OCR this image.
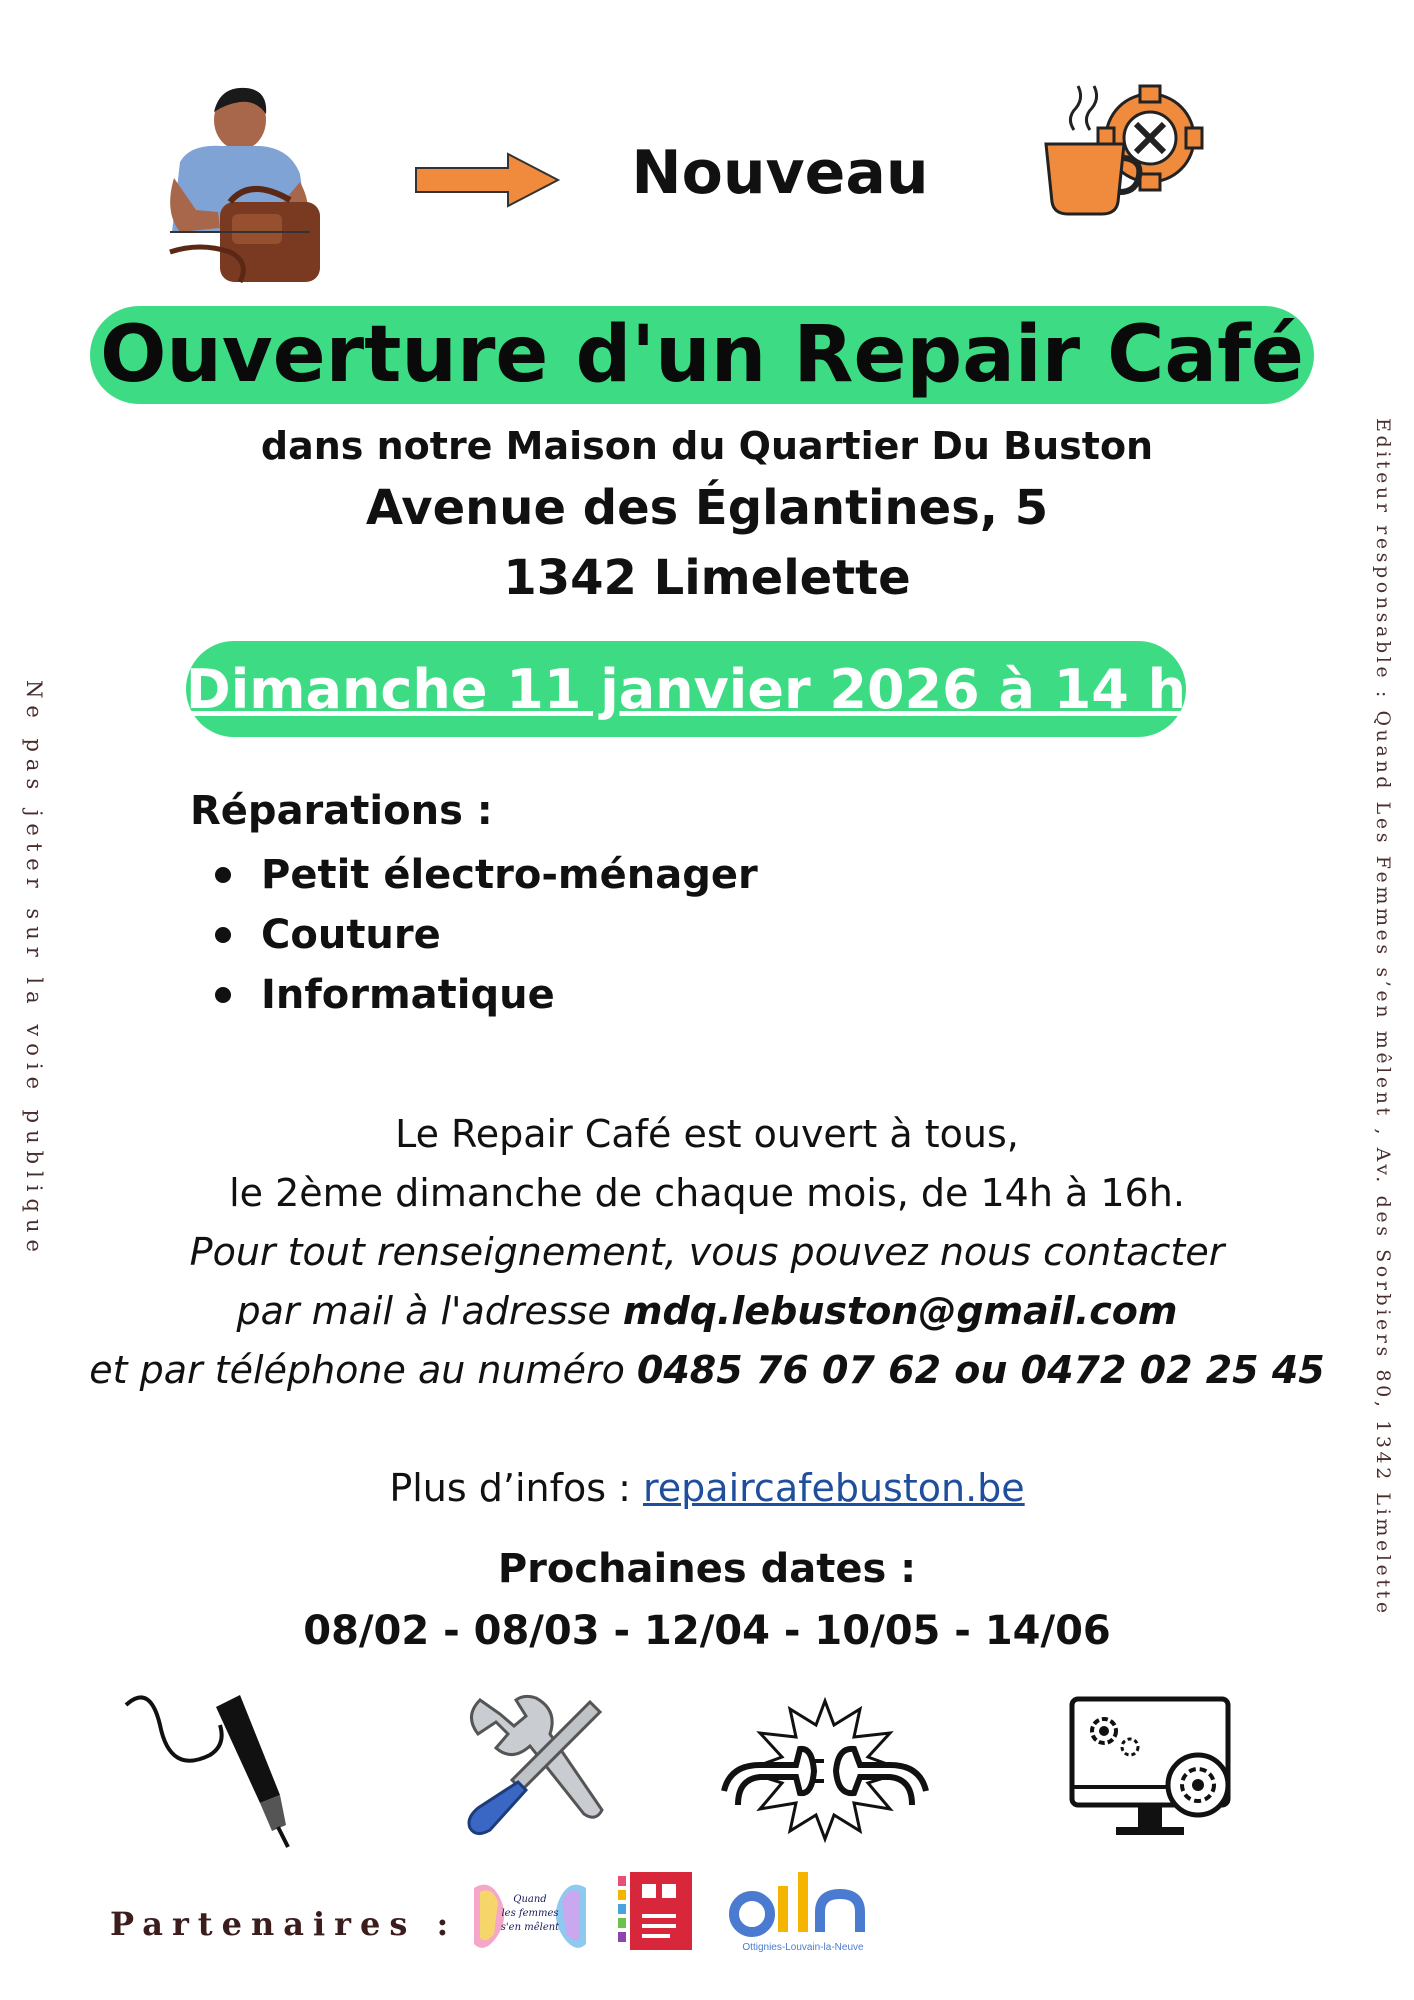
Nouveau
Ouverture d'un Repair Café
dans notre Maison du Quartier Du Buston
Avenue des Églantines, 5
1342 Limelette
Dimanche 11 janvier 2026 à 14 h
Réparations :
Petit électro-ménager
Couture
Informatique
Le Repair Café est ouvert à tous,
le 2ème dimanche de chaque mois, de 14h à 16h.
Pour tout renseignement, vous pouvez nous contacter
par mail à l'adresse mdq.lebuston@gmail.com
et par téléphone au numéro 0485 76 07 62 ou 0472 02 25 45
Plus d’infos : repaircafebuston.be
Prochaines dates :
08/02 - 08/03 - 12/04 - 10/05 - 14/06
Ne pas jeter sur la voie publique	Editeur responsable : Quand Les Femmes s’en mêlent , Av. des Sorbiers 80, 1342 Limelette
Partenaires :
Quand
les femmes
s'en mêlent
Ottignies-Louvain-la-Neuve
